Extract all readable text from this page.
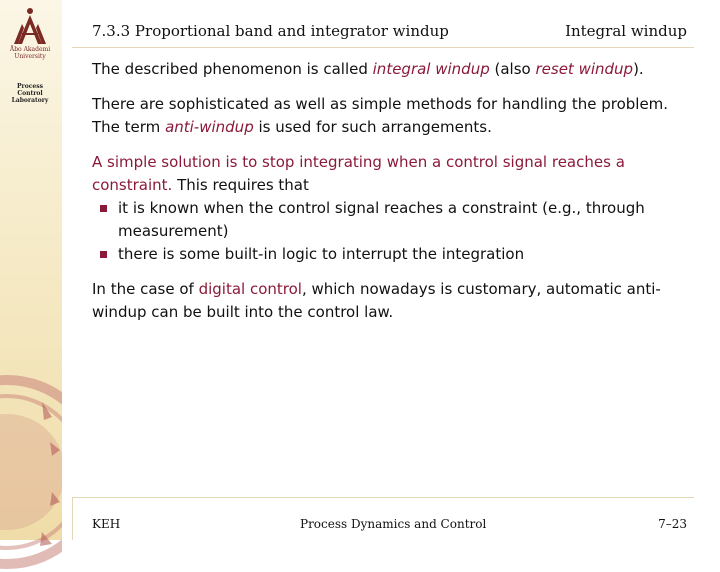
Åbo Akademi
University
Process
Control
Laboratory
7.3.3 Proportional band and integrator windup	Integral windup

The described phenomenon is called integral windup (also reset windup).

There are sophisticated as well as simple methods for handling the problem. The term anti-windup is used for such arrangements.

A simple solution is to stop integrating when a control signal reaches a constraint. This requires that

it is known when the control signal reaches a constraint (e.g., through measurement)
there is some built-in logic to interrupt the integration

In the case of digital control, which nowadays is customary, automatic anti-windup can be built into the control law.

KEH	Process Dynamics and Control	7–23
